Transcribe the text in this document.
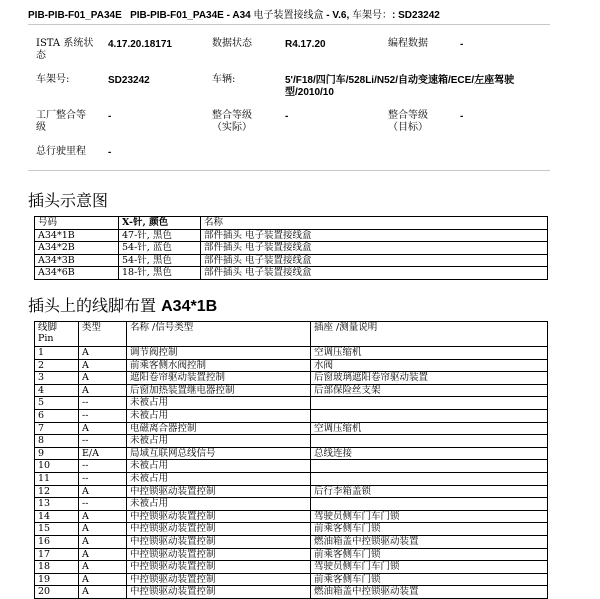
PIB-PIB-F01_PA34E PIB-PIB-F01_PA34E - A34 电子装置接线盒 - V.6, 车架号：: SD23242
ISTA 系统状态
4.17.20.18171	数据状态	R4.17.20	编程数据	-
车架号:	SD23242	车辆:	5'/F18/四门车/528Li/N52/自动变速箱/ECE/左座驾驶
型/2010/10
工厂整合等
级
-	整合等级
（实际）
-	整合等级
（目标）
-
总行驶里程 -
插头示意图
号码	X-针, 颜色	名称
A34*1B	47-针, 黑色	部件插头 电子装置接线盒
A34*2B	54-针, 蓝色	部件插头 电子装置接线盒
A34*3B	54-针, 黑色	部件插头 电子装置接线盒
A34*6B	18-针, 黑色	部件插头 电子装置接线盒
插头上的线脚布置 A34*1B
线脚 Pin	类型	名称 /信号类型	插座 /测量说明
1	A	调节阀控制	空调压缩机
2	A	前乘客侧水阀控制	水阀
3	A	遮阳卷帘驱动装置控制	后窗玻璃遮阳卷帘驱动装置
4	A	后窗加热装置继电器控制	后部保险丝支架
5	--	未被占用	
6	--	未被占用	
7	A	电磁离合器控制	空调压缩机
8	--	未被占用	
9	E/A	局域互联网总线信号	总线连接
10	--	未被占用	
11	--	未被占用	
12	A	中控锁驱动装置控制	后行李箱盖锁
13	--	未被占用	
14	A	中控锁驱动装置控制	驾驶员侧车门车门锁
15	A	中控锁驱动装置控制	前乘客侧车门锁
16	A	中控锁驱动装置控制	燃油箱盖中控锁驱动装置
17	A	中控锁驱动装置控制	前乘客侧车门锁
18	A	中控锁驱动装置控制	驾驶员侧车门车门锁
19	A	中控锁驱动装置控制	前乘客侧车门锁
20	A	中控锁驱动装置控制	燃油箱盖中控锁驱动装置
